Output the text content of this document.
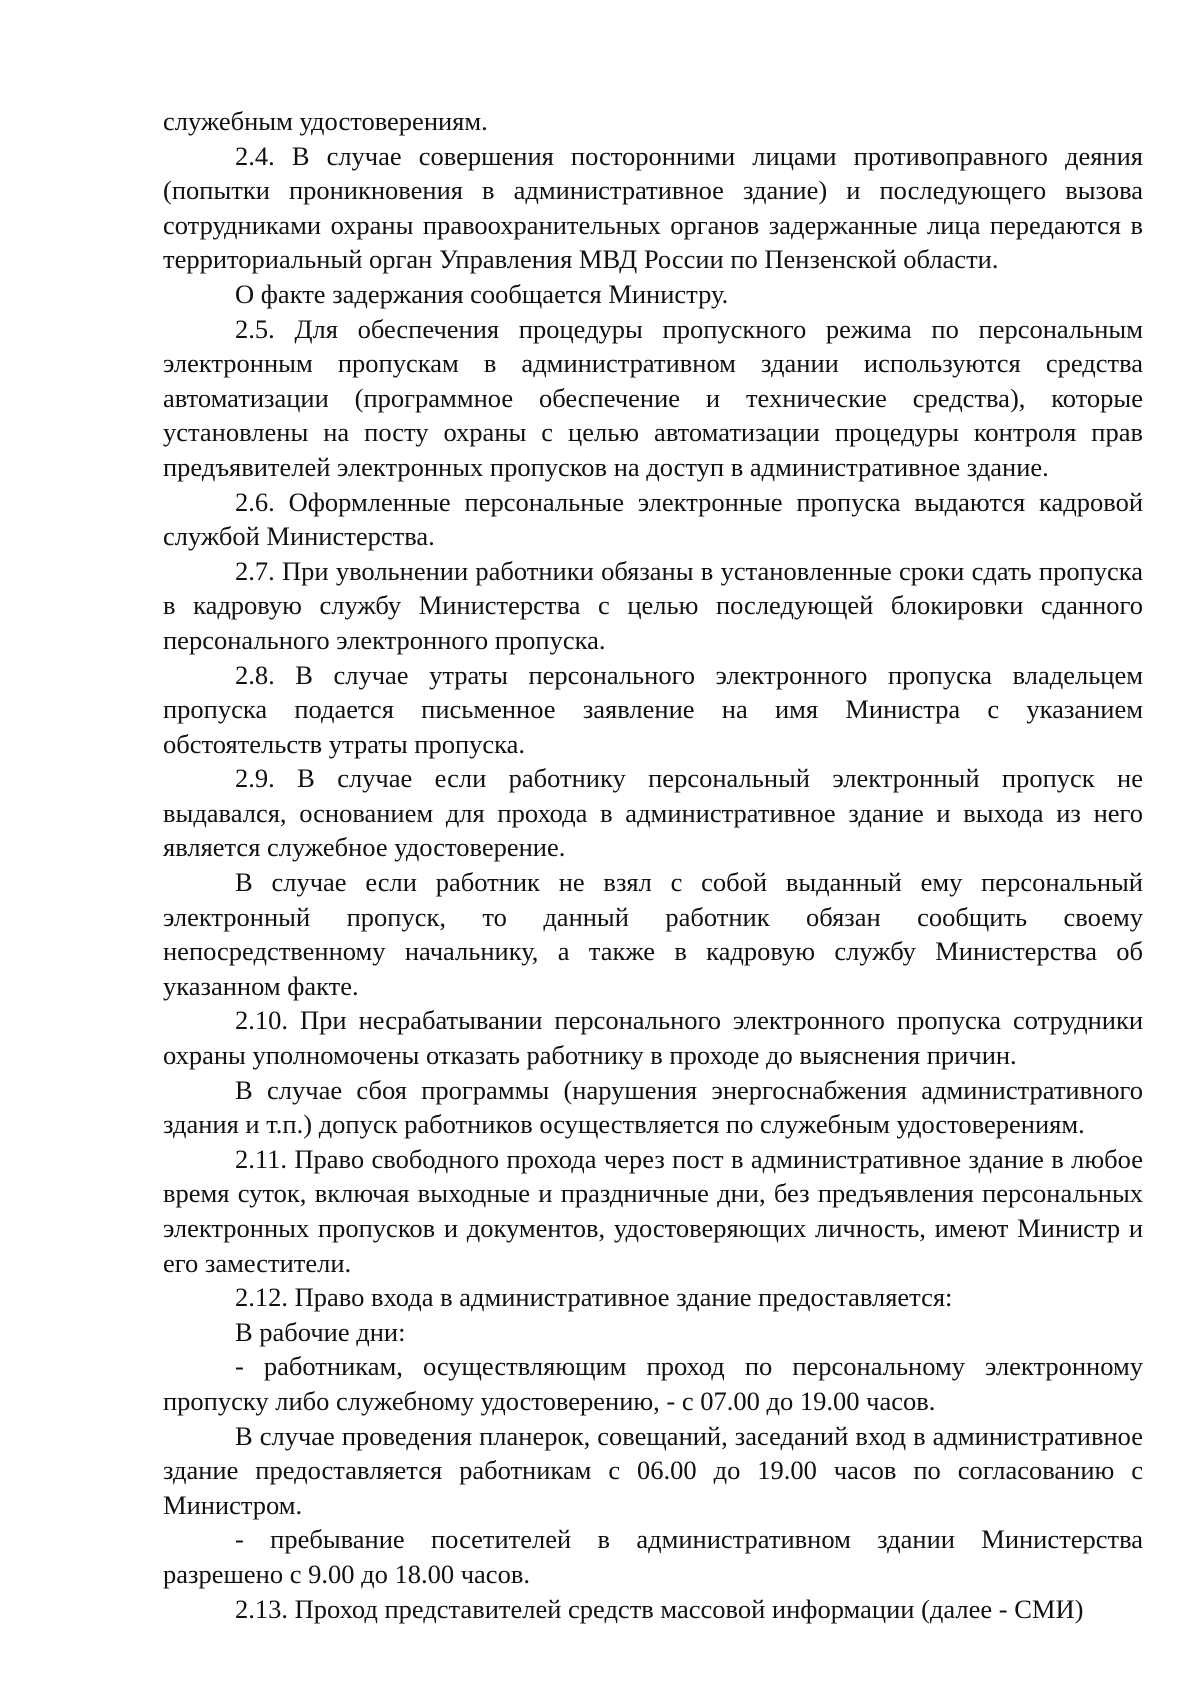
служебным удостоверениям.

2.4. В случае совершения посторонними лицами противоправного деяния (попытки проникновения в административное здание) и последующего вызова сотрудниками охраны правоохранительных органов задержанные лица передаются в территориальный орган Управления МВД России по Пензенской области.

О факте задержания сообщается Министру.

2.5. Для обеспечения процедуры пропускного режима по персональным электронным пропускам в административном здании используются средства автоматизации (программное обеспечение и технические средства), которые установлены на посту охраны с целью автоматизации процедуры контроля прав предъявителей электронных пропусков на доступ в административное здание.

2.6. Оформленные персональные электронные пропуска выдаются кадровой службой Министерства.

2.7. При увольнении работники обязаны в установленные сроки сдать пропуска в кадровую службу Министерства с целью последующей блокировки сданного персонального электронного пропуска.

2.8. В случае утраты персонального электронного пропуска владельцем пропуска подается письменное заявление на имя Министра с указанием обстоятельств утраты пропуска.

2.9. В случае если работнику персональный электронный пропуск не выдавался, основанием для прохода в административное здание и выхода из него является служебное удостоверение.

В случае если работник не взял с собой выданный ему персональный электронный пропуск, то данный работник обязан сообщить своему непосредственному начальнику, а также в кадровую службу Министерства об указанном факте.

2.10. При несрабатывании персонального электронного пропуска сотрудники охраны уполномочены отказать работнику в проходе до выяснения причин.

В случае сбоя программы (нарушения энергоснабжения административного здания и т.п.) допуск работников осуществляется по служебным удостоверениям.

2.11. Право свободного прохода через пост в административное здание в любое время суток, включая выходные и праздничные дни, без предъявления персональных электронных пропусков и документов, удостоверяющих личность, имеют Министр и его заместители.

2.12. Право входа в административное здание предоставляется:

В рабочие дни:

- работникам, осуществляющим проход по персональному электронному пропуску либо служебному удостоверению, - с 07.00 до 19.00 часов.

В случае проведения планерок, совещаний, заседаний вход в административное здание предоставляется работникам с 06.00 до 19.00 часов по согласованию с Министром.

- пребывание посетителей в административном здании Министерства разрешено с 9.00 до 18.00 часов.

2.13. Проход представителей средств массовой информации (далее - СМИ)
